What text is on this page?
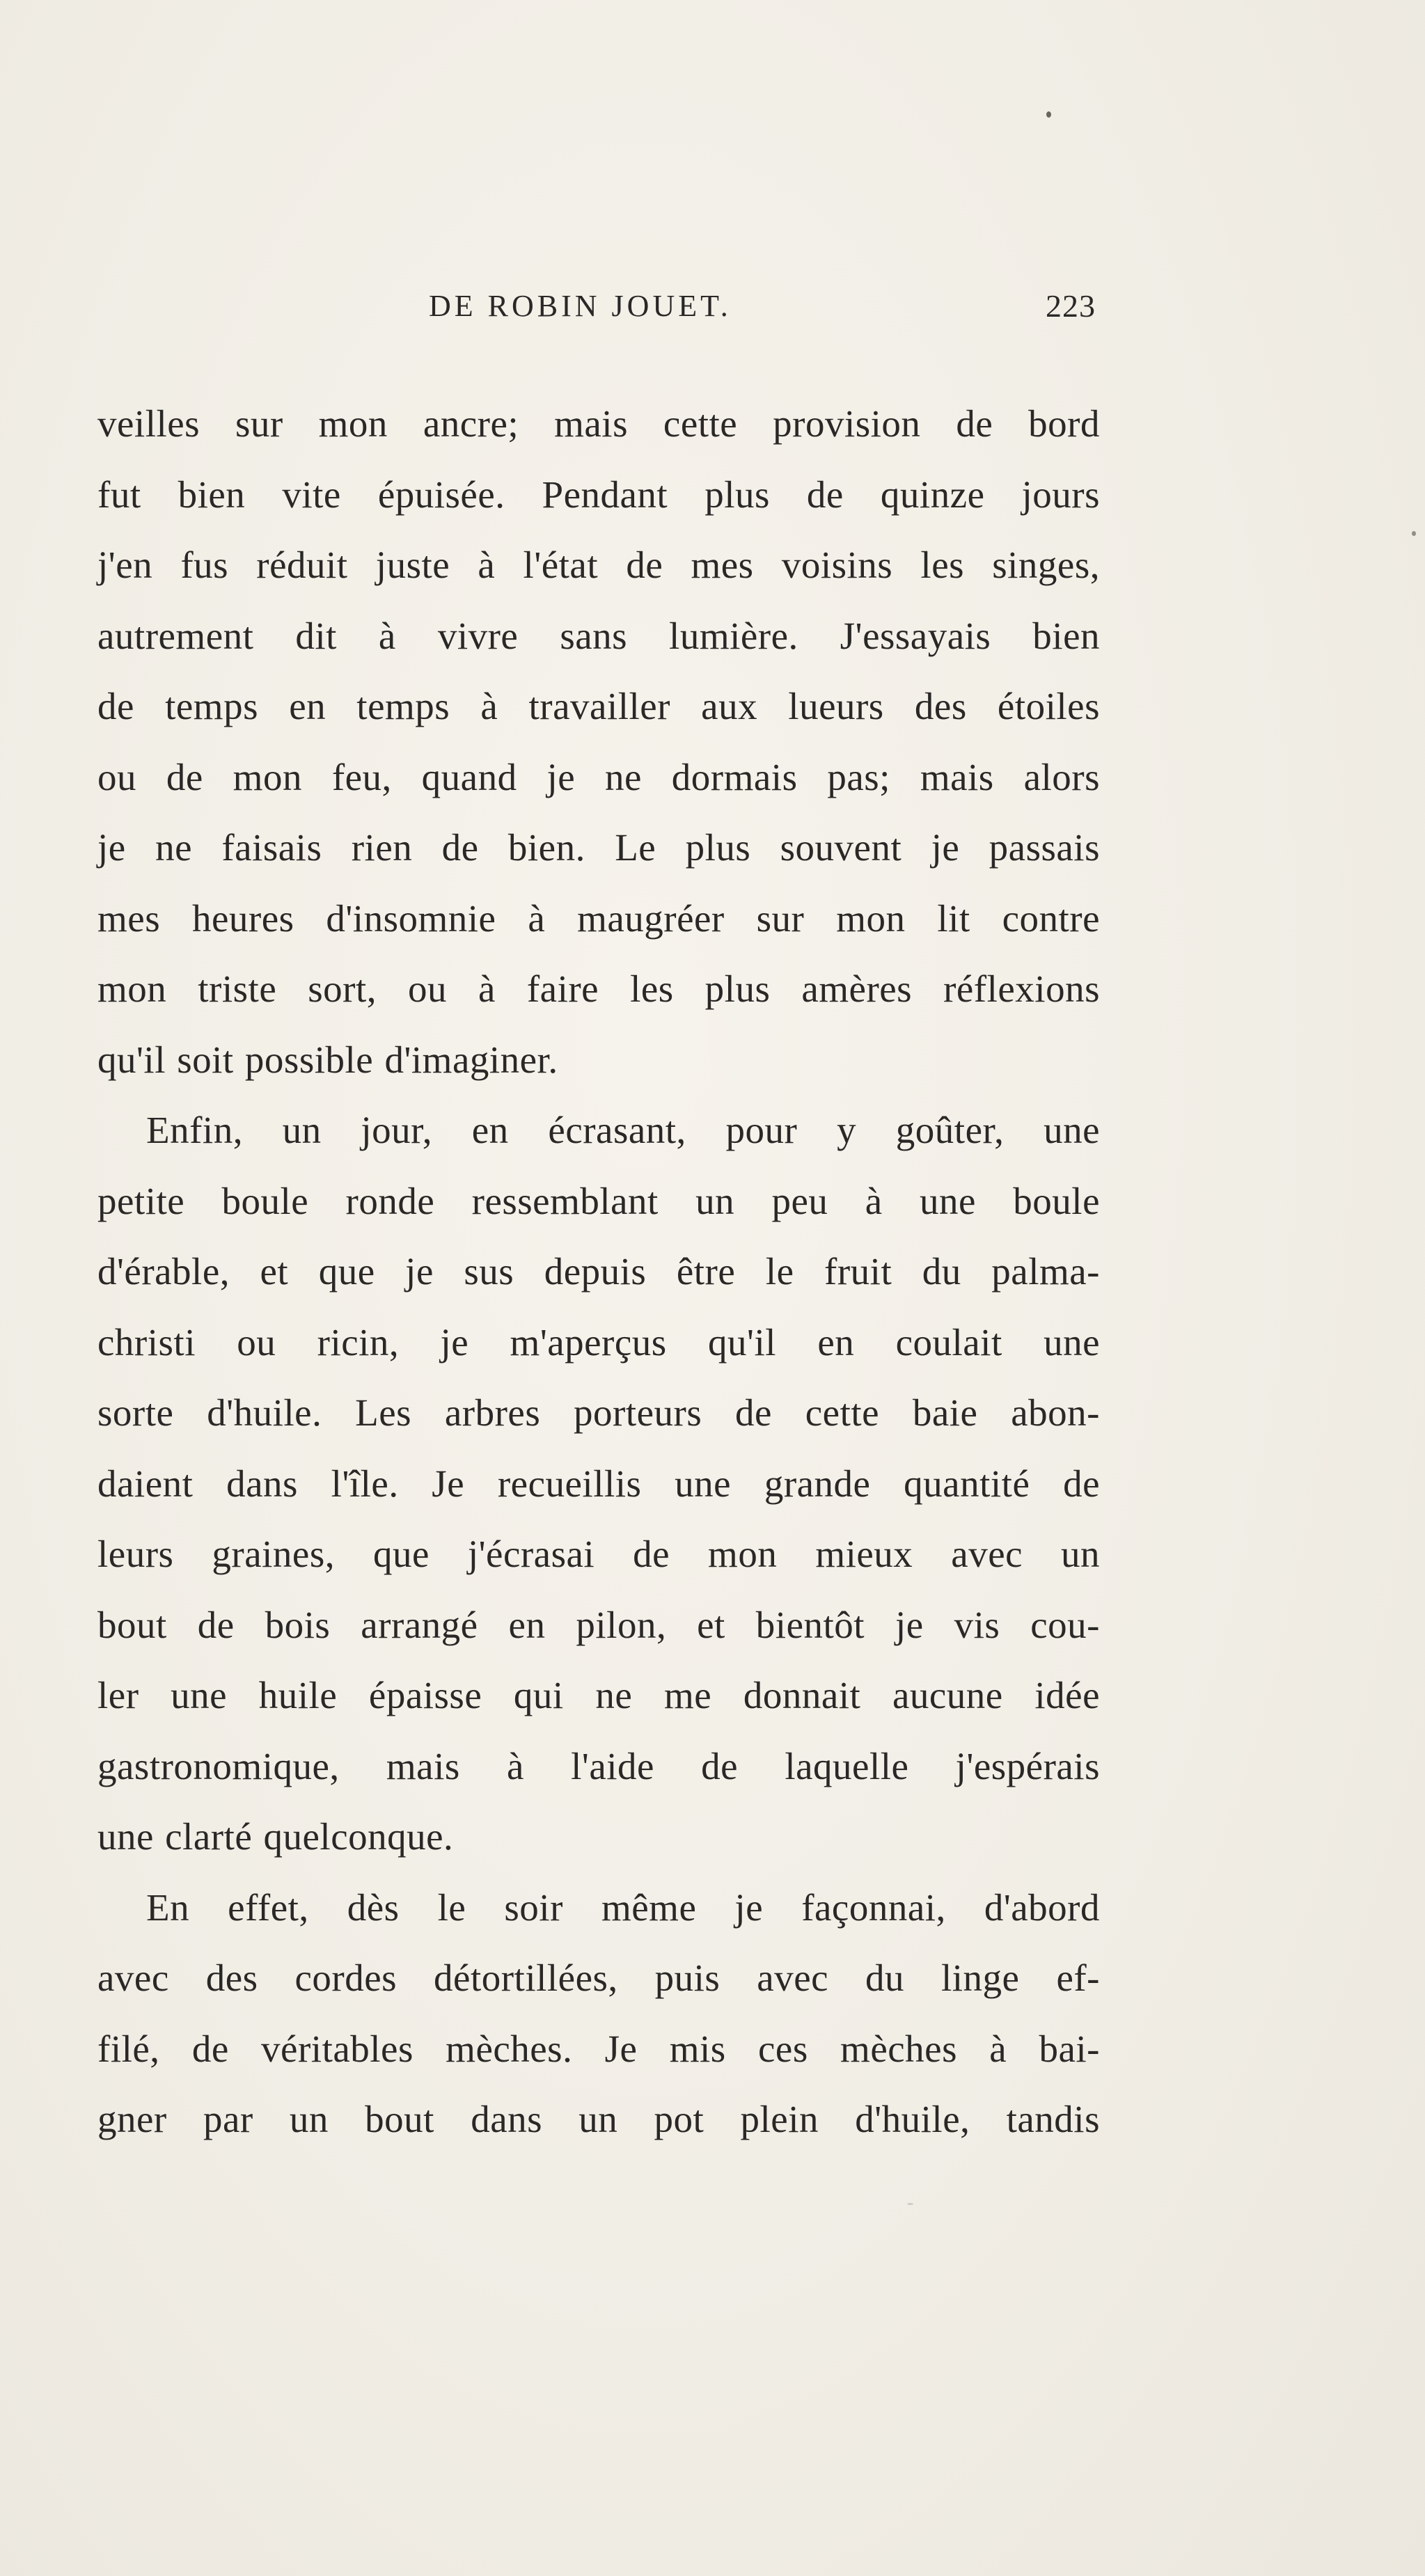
DE ROBIN JOUET.	223
veilles sur mon ancre; mais cette provision de bord
fut bien vite épuisée. Pendant plus de quinze jours
j'en fus réduit juste à l'état de mes voisins les singes,
autrement dit à vivre sans lumière. J'essayais bien
de temps en temps à travailler aux lueurs des étoiles
ou de mon feu, quand je ne dormais pas; mais alors
je ne faisais rien de bien. Le plus souvent je passais
mes heures d'insomnie à maugréer sur mon lit contre
mon triste sort, ou à faire les plus amères réflexions
qu'il soit possible d'imaginer.
Enfin, un jour, en écrasant, pour y goûter, une
petite boule ronde ressemblant un peu à une boule
d'érable, et que je sus depuis être le fruit du palma-
christi ou ricin, je m'aperçus qu'il en coulait une
sorte d'huile. Les arbres porteurs de cette baie abon-
daient dans l'île. Je recueillis une grande quantité de
leurs graines, que j'écrasai de mon mieux avec un
bout de bois arrangé en pilon, et bientôt je vis cou-
ler une huile épaisse qui ne me donnait aucune idée
gastronomique, mais à l'aide de laquelle j'espérais
une clarté quelconque.
En effet, dès le soir même je façonnai, d'abord
avec des cordes détortillées, puis avec du linge ef-
filé, de véritables mèches. Je mis ces mèches à bai-
gner par un bout dans un pot plein d'huile, tandis
